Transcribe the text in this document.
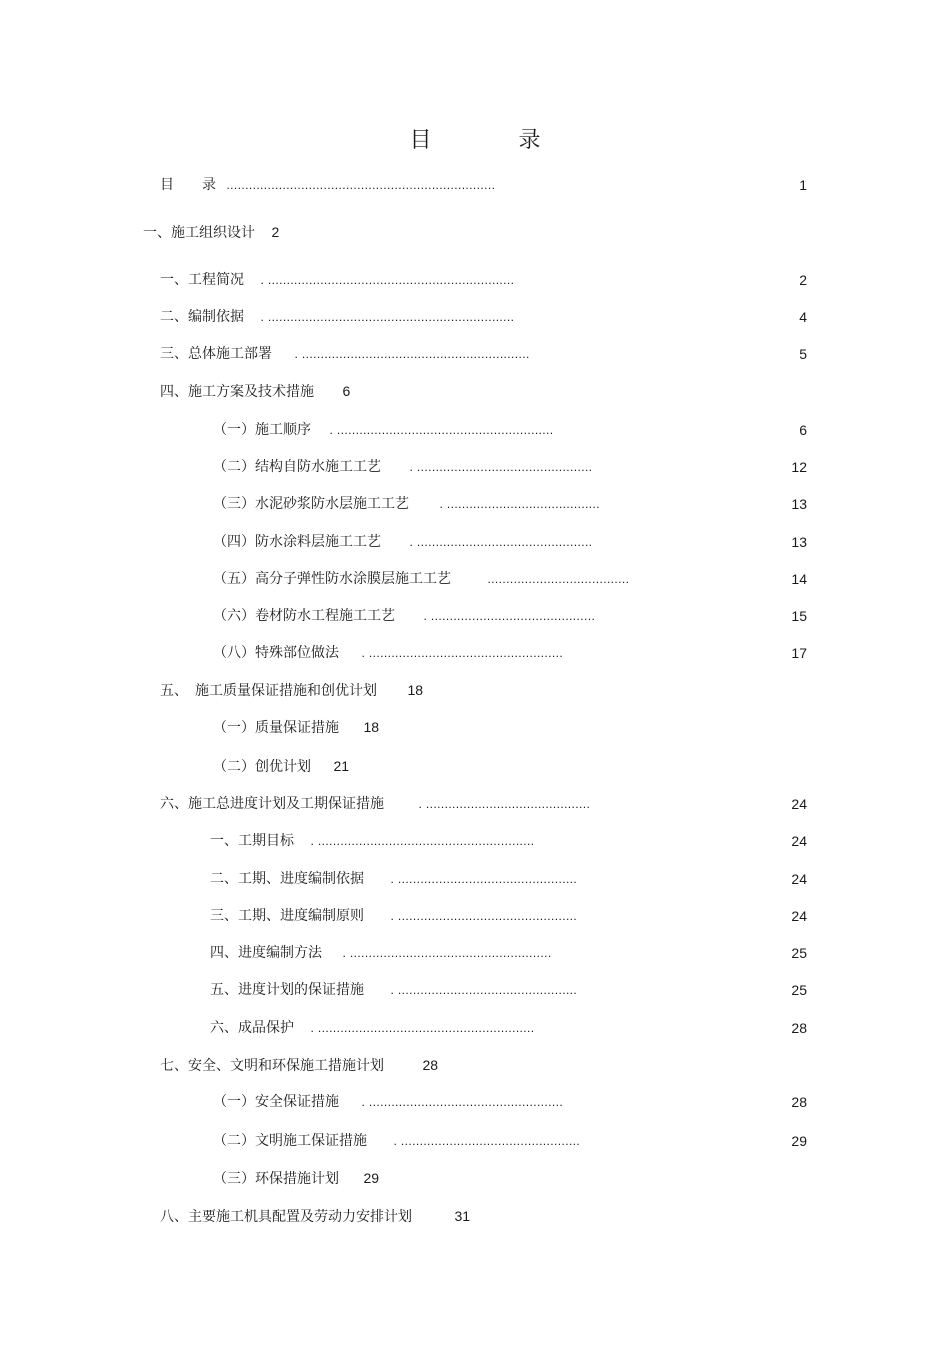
目 录
目　　录 ........................................................................	1
一、施工组织设计 2
一、工程简况 . ..................................................................	2
二、编制依据 . ..................................................................	4
三、总体施工部署 . .............................................................	5
四、施工方案及技术措施 6
（一）施工顺序 . ..........................................................	6
（二）结构自防水施工工艺 . ...............................................	12
（三）水泥砂浆防水层施工工艺	. .........................................	13
（四）防水涂料层施工工艺 . ...............................................	13
（五）高分子弹性防水涂膜层施工工艺	......................................	14
（六）卷材防水工程施工工艺 . ............................................	15
（八）特殊部位做法 . ....................................................	17
五、　施工质量保证措施和创优计划 18
（一）质量保证措施 18
（二）创优计划 21
六、施工总进度计划及工期保证措施	. ............................................	24
一、工期目标 . ..........................................................	24
二、工期、进度编制依据 . ................................................	24
三、工期、进度编制原则 . ................................................	24
四、进度编制方法 . ......................................................	25
五、进度计划的保证措施 . ................................................	25
六、成品保护 . ..........................................................	28
七、安全、文明和环保施工措施计划	28
（一）安全保证措施 . ....................................................	28
（二）文明施工保证措施 . ................................................	29
（三）环保措施计划 29
八、主要施工机具配置及劳动力安排计划	31
